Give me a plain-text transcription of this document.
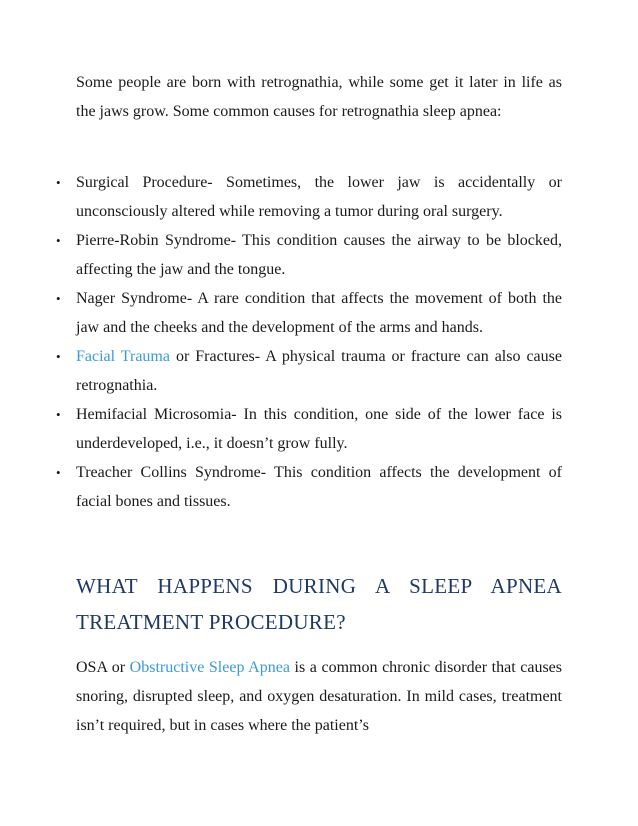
Some people are born with retrognathia, while some get it later in life as the jaws grow. Some common causes for retrognathia sleep apnea:

• Surgical Procedure- Sometimes, the lower jaw is accidentally or unconsciously altered while removing a tumor during oral surgery.
• Pierre-Robin Syndrome- This condition causes the airway to be blocked, affecting the jaw and the tongue.
• Nager Syndrome- A rare condition that affects the movement of both the jaw and the cheeks and the development of the arms and hands.
• Facial Trauma or Fractures- A physical trauma or fracture can also cause retrognathia.
• Hemifacial Microsomia- In this condition, one side of the lower face is underdeveloped, i.e., it doesn’t grow fully.
• Treacher Collins Syndrome- This condition affects the development of facial bones and tissues.
WHAT HAPPENS DURING A SLEEP APNEA TREATMENT PROCEDURE?

OSA or Obstructive Sleep Apnea is a common chronic disorder that causes snoring, disrupted sleep, and oxygen desaturation. In mild cases, treatment isn’t required, but in cases where the patient’s
